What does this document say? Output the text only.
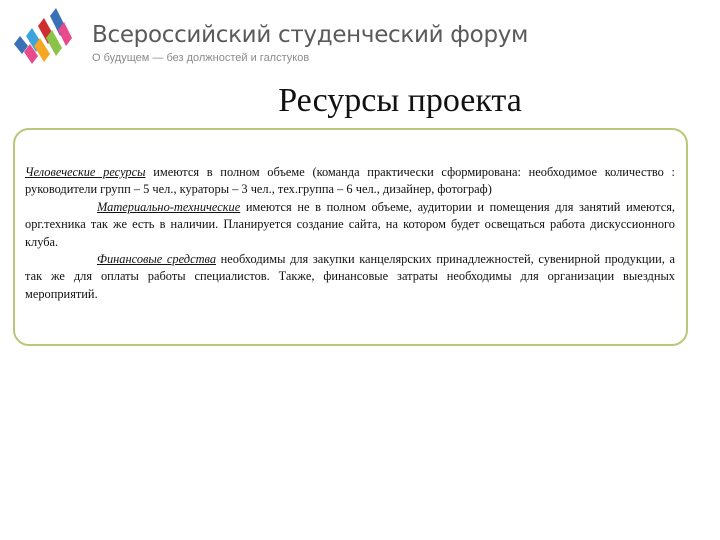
Всероссийский студенческий форум
О будущем — без должностей и галстуков
Ресурсы проекта

Человеческие ресурсы имеются в полном объеме (команда практически сформирована: необходимое количество : руководители групп – 5 чел., кураторы – 3 чел., тех.группа – 6 чел., дизайнер, фотограф)

Материально-технические имеются не в полном объеме, аудитории и помещения для занятий имеются, орг.техника так же есть в наличии. Планируется создание сайта, на котором будет освещаться работа дискуссионного клуба.

Финансовые средства необходимы для закупки канцелярских принадлежностей, сувенирной продукции, а так же для оплаты работы специалистов. Также, финансовые затраты необходимы для организации выездных мероприятий.
